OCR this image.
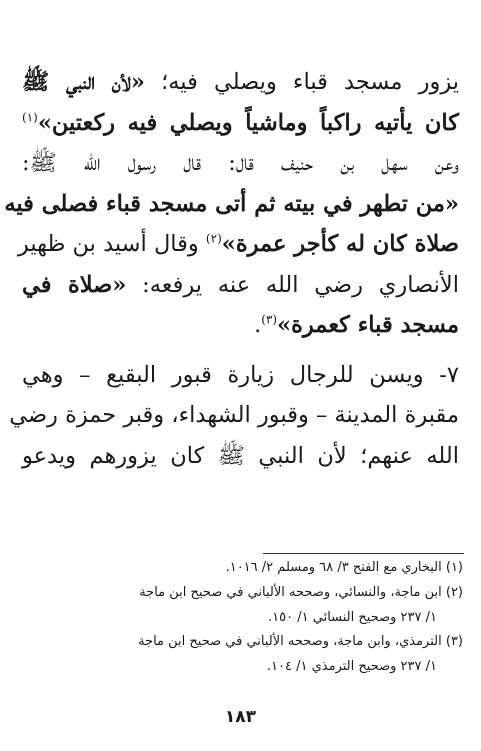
يزور مسجد قباء ويصلي فيه؛ «لأن النبي ﷺ
كان يأتيه راكباً وماشياً ويصلي فيه ركعتين»$^{(١)}$
وعن سهل بن حنيف قال: قال رسول الله ﷺ:
«من تطهر في بيته ثم أتى مسجد قباء فصلى فيه
صلاة كان له كأجر عمرة»$^{(٢)}$ وقال أسيد بن ظهير
الأنصاري رضي الله عنه يرفعه: «صلاة في
مسجد قباء كعمرة»$^{(٣)}$.
٧- ويسن للرجال زيارة قبور البقيع – وهي
مقبرة المدينة – وقبور الشهداء، وقبر حمزة رضي
الله عنهم؛ لأن النبي ﷺ كان يزورهم ويدعو
(١) البخاري مع الفتح ٣/ ٦٨ ومسلم ٢/ ١٠١٦.
(٢) ابن ماجة، والنسائي، وصححه الألباني في صحيح ابن ماجة
١/ ٢٣٧ وصحيح النسائي ١/ ١٥٠.
(٣) الترمذي، وابن ماجة، وصححه الألباني في صحيح ابن ماجة
١/ ٢٣٧ وصحيح الترمذي ١/ ١٠٤.
١٨٣
